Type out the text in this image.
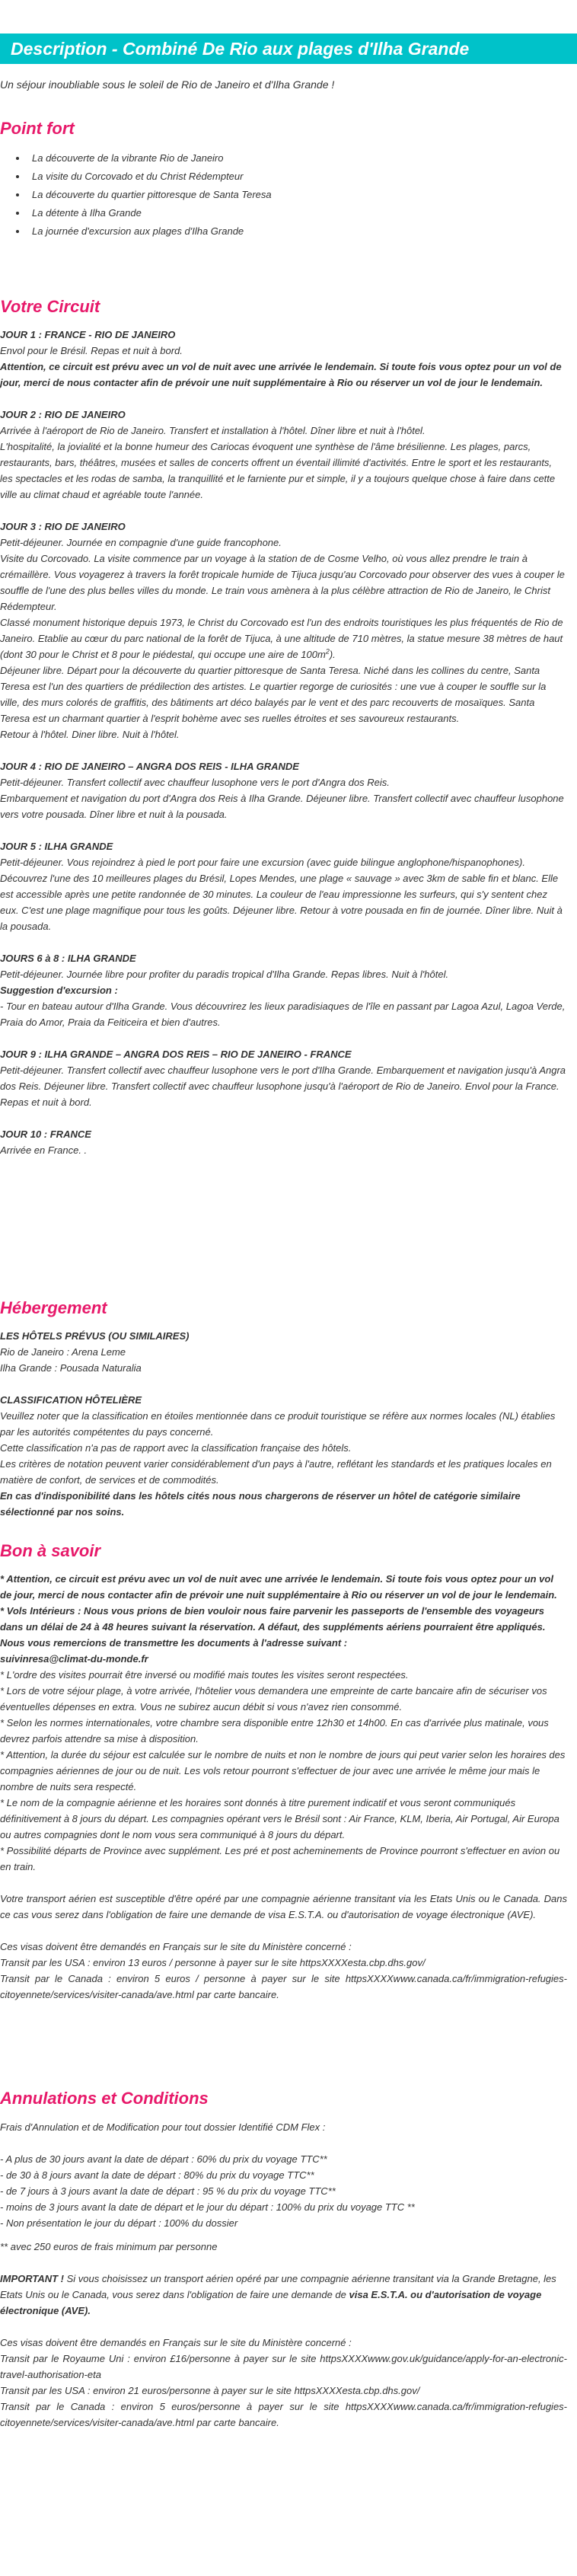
Description - Combiné De Rio aux plages d'Ilha Grande
Un séjour inoubliable sous le soleil de Rio de Janeiro et d'Ilha Grande !
Point fort
• La découverte de la vibrante Rio de Janeiro
• La visite du Corcovado et du Christ Rédempteur
• La découverte du quartier pittoresque de Santa Teresa
• La détente à Ilha Grande
• La journée d'excursion aux plages d'Ilha Grande
Votre Circuit

JOUR 1 : FRANCE - RIO DE JANEIRO

Envol pour le Brésil. Repas et nuit à bord.

Attention, ce circuit est prévu avec un vol de nuit avec une arrivée le lendemain. Si toute fois vous optez pour un vol de jour, merci de nous contacter afin de prévoir une nuit supplémentaire à Rio ou réserver un vol de jour le lendemain.

JOUR 2 : RIO DE JANEIRO

Arrivée à l'aéroport de Rio de Janeiro. Transfert et installation à l'hôtel. Dîner libre et nuit à l'hôtel.

L'hospitalité, la jovialité et la bonne humeur des Cariocas évoquent une synthèse de l'âme brésilienne. Les plages, parcs, restaurants, bars, théâtres, musées et salles de concerts offrent un éventail illimité d'activités. Entre le sport et les restaurants, les spectacles et les rodas de samba, la tranquillité et le farniente pur et simple, il y a toujours quelque chose à faire dans cette ville au climat chaud et agréable toute l'année.

JOUR 3 : RIO DE JANEIRO

Petit-déjeuner. Journée en compagnie d'une guide francophone.

Visite du Corcovado. La visite commence par un voyage à la station de de Cosme Velho, où vous allez prendre le train à crémaillère. Vous voyagerez à travers la forêt tropicale humide de Tijuca jusqu'au Corcovado pour observer des vues à couper le souffle de l'une des plus belles villes du monde. Le train vous amènera à la plus célèbre attraction de Rio de Janeiro, le Christ Rédempteur.

Classé monument historique depuis 1973, le Christ du Corcovado est l'un des endroits touristiques les plus fréquentés de Rio de Janeiro. Etablie au cœur du parc national de la forêt de Tijuca, à une altitude de 710 mètres, la statue mesure 38 mètres de haut (dont 30 pour le Christ et 8 pour le piédestal, qui occupe une aire de $100m^2$).

Déjeuner libre. Départ pour la découverte du quartier pittoresque de Santa Teresa. Niché dans les collines du centre, Santa Teresa est l'un des quartiers de prédilection des artistes. Le quartier regorge de curiosités : une vue à couper le souffle sur la ville, des murs colorés de graffitis, des bâtiments art déco balayés par le vent et des parc recouverts de mosaïques. Santa Teresa est un charmant quartier à l'esprit bohème avec ses ruelles étroites et ses savoureux restaurants.

Retour à l'hôtel. Diner libre. Nuit à l'hôtel.

JOUR 4 : RIO DE JANEIRO – ANGRA DOS REIS - ILHA GRANDE

Petit-déjeuner. Transfert collectif avec chauffeur lusophone vers le port d'Angra dos Reis.

Embarquement et navigation du port d'Angra dos Reis à Ilha Grande. Déjeuner libre. Transfert collectif avec chauffeur lusophone vers votre pousada. Dîner libre et nuit à la pousada.

JOUR 5 : ILHA GRANDE

Petit-déjeuner. Vous rejoindrez à pied le port pour faire une excursion (avec guide bilingue anglophone/hispanophones). Découvrez l'une des 10 meilleures plages du Brésil, Lopes Mendes, une plage « sauvage » avec 3km de sable fin et blanc. Elle est accessible après une petite randonnée de 30 minutes. La couleur de l'eau impressionne les surfeurs, qui s'y sentent chez eux. C'est une plage magnifique pour tous les goûts. Déjeuner libre. Retour à votre pousada en fin de journée. Dîner libre. Nuit à la pousada.

JOURS 6 à 8 : ILHA GRANDE

Petit-déjeuner. Journée libre pour profiter du paradis tropical d'Ilha Grande. Repas libres. Nuit à l'hôtel.

Suggestion d'excursion :

- Tour en bateau autour d'Ilha Grande. Vous découvrirez les lieux paradisiaques de l'île en passant par Lagoa Azul, Lagoa Verde, Praia do Amor, Praia da Feiticeira et bien d'autres.

JOUR 9 : ILHA GRANDE – ANGRA DOS REIS – RIO DE JANEIRO - FRANCE

Petit-déjeuner. Transfert collectif avec chauffeur lusophone vers le port d'Ilha Grande. Embarquement et navigation jusqu'à Angra dos Reis. Déjeuner libre. Transfert collectif avec chauffeur lusophone jusqu'à l'aéroport de Rio de Janeiro. Envol pour la France. Repas et nuit à bord.

JOUR 10 : FRANCE

Arrivée en France. .

Hébergement

LES HÔTELS PRÉVUS (OU SIMILAIRES)

Rio de Janeiro : Arena Leme

Ilha Grande : Pousada Naturalia

CLASSIFICATION HÔTELIÈRE

Veuillez noter que la classification en étoiles mentionnée dans ce produit touristique se réfère aux normes locales (NL) établies par les autorités compétentes du pays concerné.

Cette classification n'a pas de rapport avec la classification française des hôtels.

Les critères de notation peuvent varier considérablement d'un pays à l'autre, reflétant les standards et les pratiques locales en matière de confort, de services et de commodités.

En cas d'indisponibilité dans les hôtels cités nous nous chargerons de réserver un hôtel de catégorie similaire sélectionné par nos soins.

Bon à savoir

* Attention, ce circuit est prévu avec un vol de nuit avec une arrivée le lendemain. Si toute fois vous optez pour un vol de jour, merci de nous contacter afin de prévoir une nuit supplémentaire à Rio ou réserver un vol de jour le lendemain.

* Vols Intérieurs : Nous vous prions de bien vouloir nous faire parvenir les passeports de l'ensemble des voyageurs dans un délai de 24 à 48 heures suivant la réservation. A défaut, des suppléments aériens pourraient être appliqués. Nous vous remercions de transmettre les documents à l'adresse suivant :

suivinresa@climat-du-monde.fr

* L'ordre des visites pourrait être inversé ou modifié mais toutes les visites seront respectées.

* Lors de votre séjour plage, à votre arrivée, l'hôtelier vous demandera une empreinte de carte bancaire afin de sécuriser vos éventuelles dépenses en extra. Vous ne subirez aucun débit si vous n'avez rien consommé.

* Selon les normes internationales, votre chambre sera disponible entre 12h30 et 14h00. En cas d'arrivée plus matinale, vous devrez parfois attendre sa mise à disposition.

* Attention, la durée du séjour est calculée sur le nombre de nuits et non le nombre de jours qui peut varier selon les horaires des compagnies aériennes de jour ou de nuit. Les vols retour pourront s'effectuer de jour avec une arrivée le même jour mais le nombre de nuits sera respecté.

* Le nom de la compagnie aérienne et les horaires sont donnés à titre purement indicatif et vous seront communiqués définitivement à 8 jours du départ. Les compagnies opérant vers le Brésil sont : Air France, KLM, Iberia, Air Portugal, Air Europa ou autres compagnies dont le nom vous sera communiqué à 8 jours du départ.

* Possibilité départs de Province avec supplément. Les pré et post acheminements de Province pourront s'effectuer en avion ou en train.

Votre transport aérien est susceptible d'être opéré par une compagnie aérienne transitant via les Etats Unis ou le Canada. Dans ce cas vous serez dans l'obligation de faire une demande de visa E.S.T.A. ou d'autorisation de voyage électronique (AVE).

Ces visas doivent être demandés en Français sur le site du Ministère concerné :

Transit par les USA : environ 13 euros / personne à payer sur le site httpsXXXXesta.cbp.dhs.gov/

Transit par le Canada : environ 5 euros / personne à payer sur le site httpsXXXXwww.canada.ca/fr/immigration-refugies-citoyennete/services/visiter-canada/ave.html par carte bancaire.

Annulations et Conditions

Frais d'Annulation et de Modification pour tout dossier Identifié CDM Flex :

- A plus de 30 jours avant la date de départ : 60% du prix du voyage TTC**

- de 30 à 8 jours avant la date de départ : 80% du prix du voyage TTC**

- de 7 jours à 3 jours avant la date de départ : 95 % du prix du voyage TTC**

- moins de 3 jours avant la date de départ et le jour du départ : 100% du prix du voyage TTC **

- Non présentation le jour du départ : 100% du dossier

** avec 250 euros de frais minimum par personne

IMPORTANT ! Si vous choisissez un transport aérien opéré par une compagnie aérienne transitant via la Grande Bretagne, les Etats Unis ou le Canada, vous serez dans l'obligation de faire une demande de visa E.S.T.A. ou d'autorisation de voyage électronique (AVE).

Ces visas doivent être demandés en Français sur le site du Ministère concerné :

Transit par le Royaume Uni : environ £16/personne à payer sur le site httpsXXXXwww.gov.uk/guidance/apply-for-an-electronic-travel-authorisation-eta

Transit par les USA : environ 21 euros/personne à payer sur le site httpsXXXXesta.cbp.dhs.gov/

Transit par le Canada : environ 5 euros/personne à payer sur le site httpsXXXXwww.canada.ca/fr/immigration-refugies-citoyennete/services/visiter-canada/ave.html par carte bancaire.
